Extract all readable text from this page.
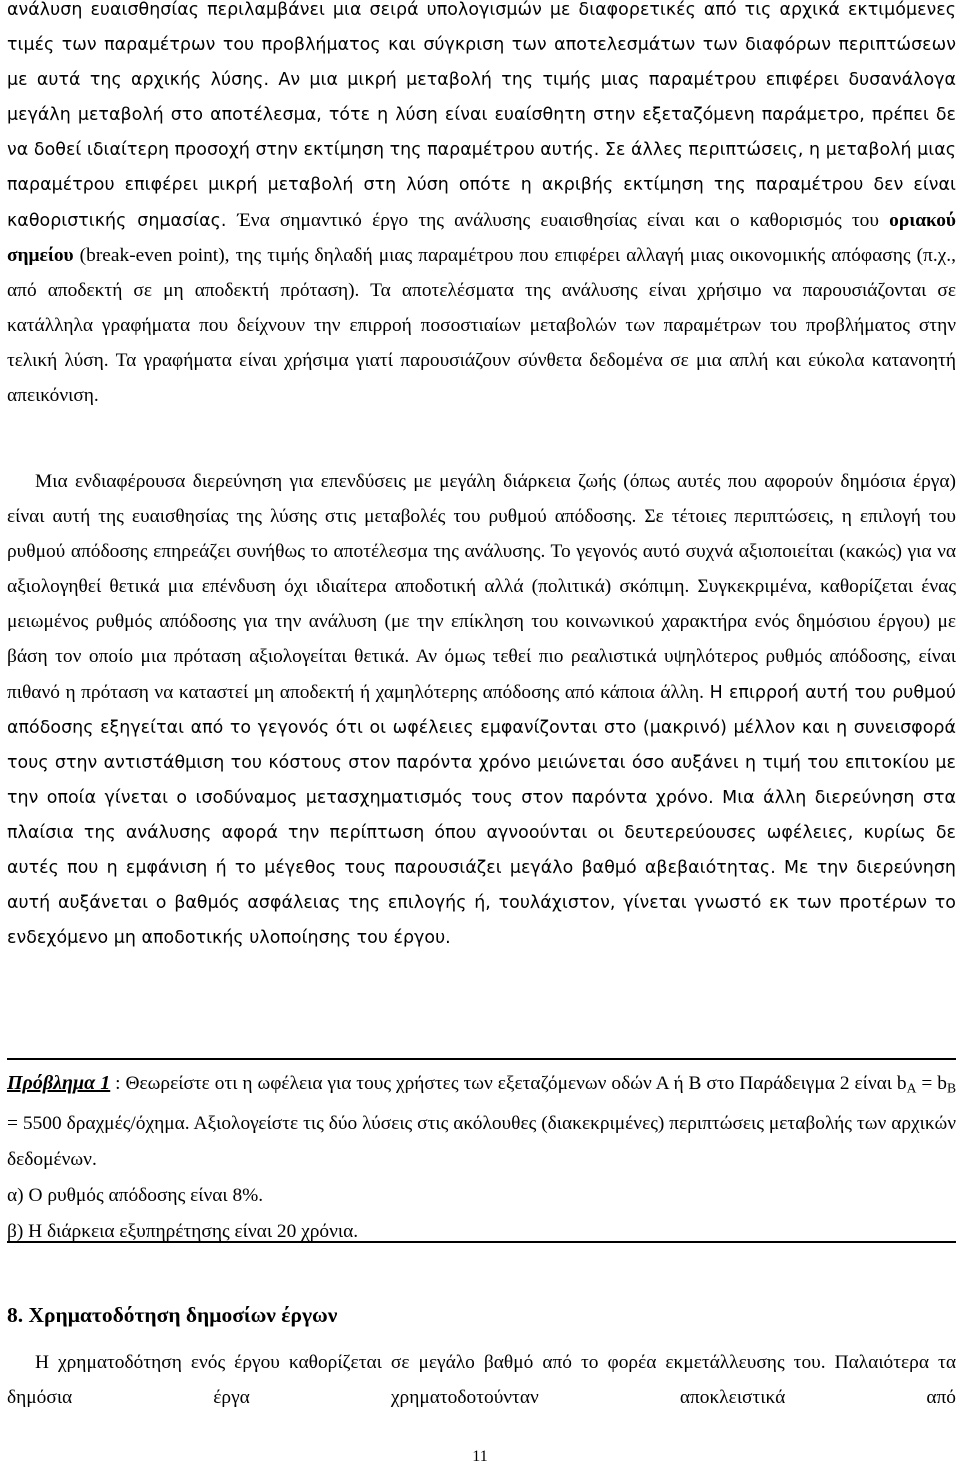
ανάλυση ευαισθησίας περιλαμβάνει μια σειρά υπολογισμών με διαφορετικές από τις αρχικά εκτιμόμενες τιμές των παραμέτρων του προβλήματος και σύγκριση των αποτελεσμάτων των διαφόρων περιπτώσεων με αυτά της αρχικής λύσης. Αν μια μικρή μεταβολή της τιμής μιας παραμέτρου επιφέρει δυσανάλογα μεγάλη μεταβολή στο αποτέλεσμα, τότε η λύση είναι ευαίσθητη στην εξεταζόμενη παράμετρο, πρέπει δε να δοθεί ιδιαίτερη προσοχή στην εκτίμηση της παραμέτρου αυτής. Σε άλλες περιπτώσεις, η μεταβολή μιας παραμέτρου επιφέρει μικρή μεταβολή στη λύση οπότε η ακριβής εκτίμηση της παραμέτρου δεν είναι καθοριστικής σημασίας. Ένα σημαντικό έργο της ανάλυσης ευαισθησίας είναι και ο καθορισμός του οριακού σημείου (break-even point), της τιμής δηλαδή μιας παραμέτρου που επιφέρει αλλαγή μιας οικονομικής απόφασης (π.χ., από αποδεκτή σε μη αποδεκτή πρόταση). Τα αποτελέσματα της ανάλυσης είναι χρήσιμο να παρουσιάζονται σε κατάλληλα γραφήματα που δείχνουν την επιρροή ποσοστιαίων μεταβολών των παραμέτρων του προβλήματος στην τελική λύση. Τα γραφήματα είναι χρήσιμα γιατί παρουσιάζουν σύνθετα δεδομένα σε μια απλή και εύκολα κατανοητή απεικόνιση.

Μια ενδιαφέρουσα διερεύνηση για επενδύσεις με μεγάλη διάρκεια ζωής (όπως αυτές που αφορούν δημόσια έργα) είναι αυτή της ευαισθησίας της λύσης στις μεταβολές του ρυθμού απόδοσης. Σε τέτοιες περιπτώσεις, η επιλογή του ρυθμού απόδοσης επηρεάζει συνήθως το αποτέλεσμα της ανάλυσης. Το γεγονός αυτό συχνά αξιοποιείται (κακώς) για να αξιολογηθεί θετικά μια επένδυση όχι ιδιαίτερα αποδοτική αλλά (πολιτικά) σκόπιμη. Συγκεκριμένα, καθορίζεται ένας μειωμένος ρυθμός απόδοσης για την ανάλυση (με την επίκληση του κοινωνικού χαρακτήρα ενός δημόσιου έργου) με βάση τον οποίο μια πρόταση αξιολογείται θετικά. Αν όμως τεθεί πιο ρεαλιστικά υψηλότερος ρυθμός απόδοσης, είναι πιθανό η πρόταση να καταστεί μη αποδεκτή ή χαμηλότερης απόδοσης από κάποια άλλη. Η επιρροή αυτή του ρυθμού απόδοσης εξηγείται από το γεγονός ότι οι ωφέλειες εμφανίζονται στο (μακρινό) μέλλον και η συνεισφορά τους στην αντιστάθμιση του κόστους στον παρόντα χρόνο μειώνεται όσο αυξάνει η τιμή του επιτοκίου με την οποία γίνεται ο ισοδύναμος μετασχηματισμός τους στον παρόντα χρόνο. Μια άλλη διερεύνηση στα πλαίσια της ανάλυσης αφορά την περίπτωση όπου αγνοούνται οι δευτερεύουσες ωφέλειες, κυρίως δε αυτές που η εμφάνιση ή το μέγεθος τους παρουσιάζει μεγάλο βαθμό αβεβαιότητας. Με την διερεύνηση αυτή αυξάνεται ο βαθμός ασφάλειας της επιλογής ή, τουλάχιστον, γίνεται γνωστό εκ των προτέρων το ενδεχόμενο μη αποδοτικής υλοποίησης του έργου.

Πρόβλημα 1 : Θεωρείστε οτι η ωφέλεια για τους χρήστες των εξεταζόμενων οδών Α ή Β στο Παράδειγμα 2 είναι $b_A = b_B = 5500$ δραχμές/όχημα. Αξιολογείστε τις δύο λύσεις στις ακόλουθες (διακεκριμένες) περιπτώσεις μεταβολής των αρχικών δεδομένων.

α) Ο ρυθμός απόδοσης είναι 8%.

β) Η διάρκεια εξυπηρέτησης είναι 20 χρόνια.

8. Χρηματοδότηση δημοσίων έργων

Η χρηματοδότηση ενός έργου καθορίζεται σε μεγάλο βαθμό από το φορέα εκμετάλλευσης του. Παλαιότερα τα δημόσια έργα χρηματοδοτούνταν αποκλειστικά από

11
